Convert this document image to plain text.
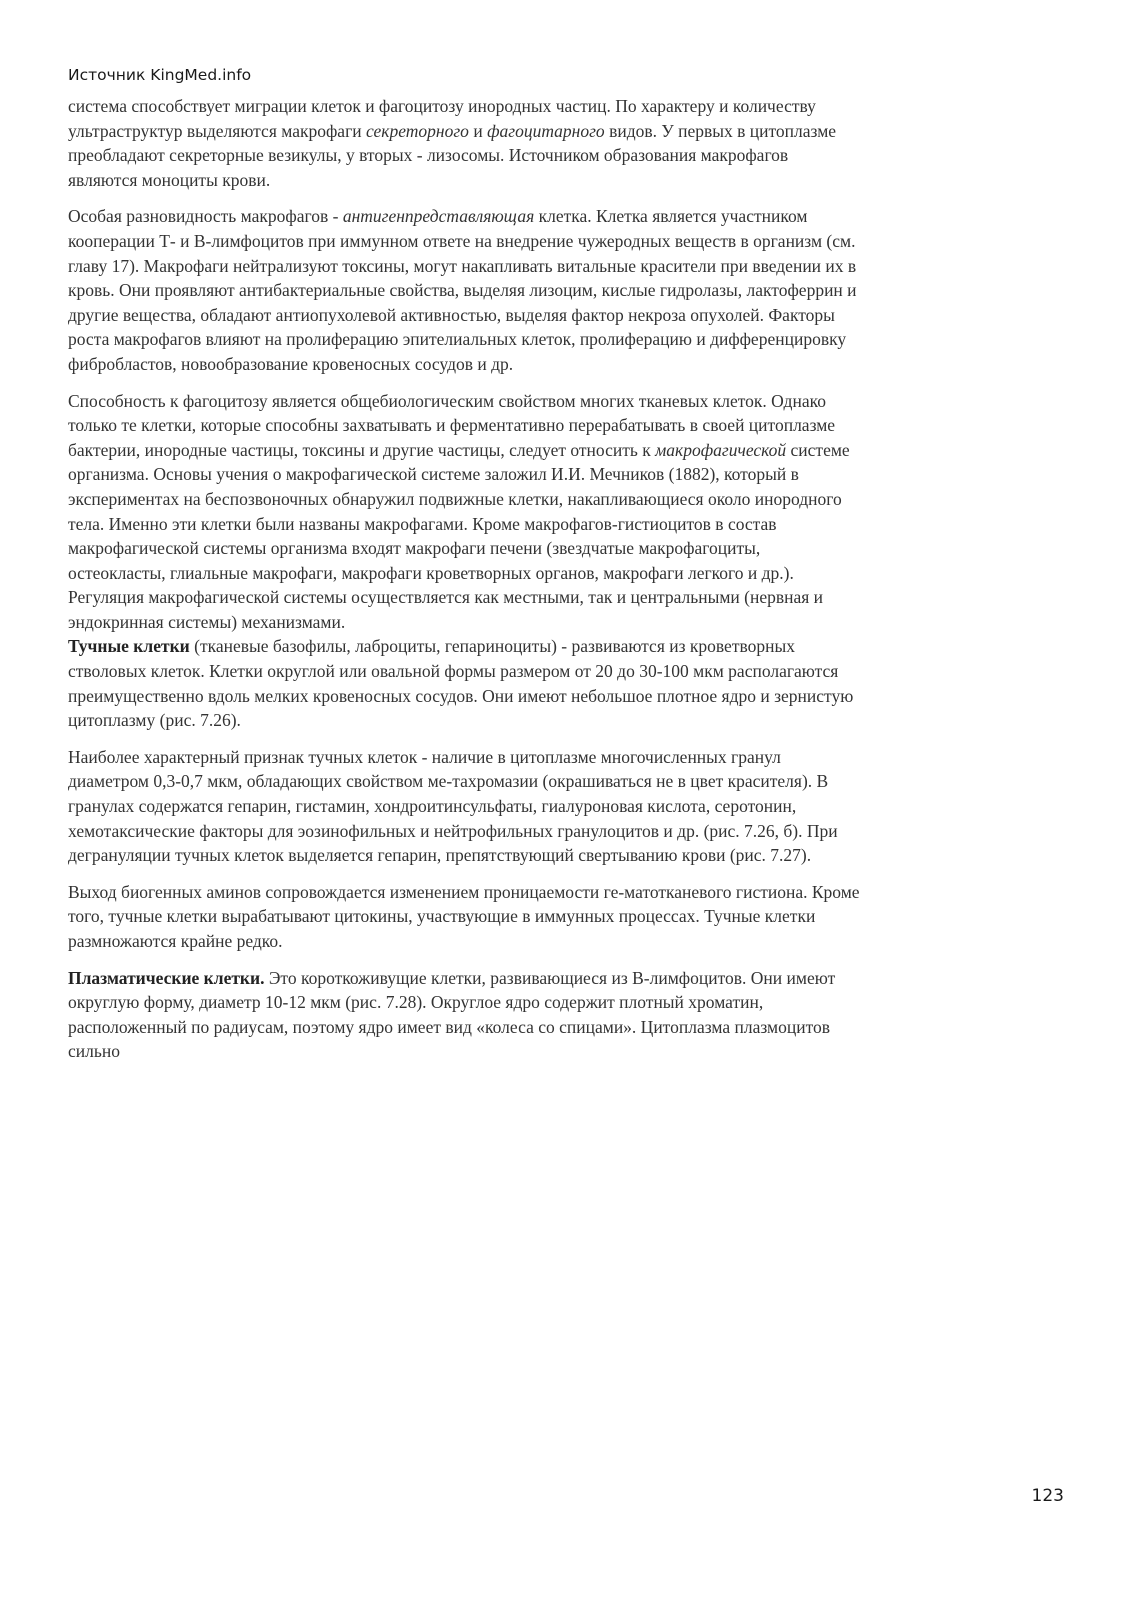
Источник KingMed.info
система способствует миграции клеток и фагоцитозу инородных частиц. По характеру и количеству
ультраструктур выделяются макрофаги секреторного и фагоцитарного видов. У первых в цитоплазме
преобладают секреторные везикулы, у вторых - лизосомы. Источником образования макрофагов
являются моноциты крови.
Особая разновидность макрофагов - антигенпредставляющая клетка. Клетка является участником
кооперации Т- и В-лимфоцитов при иммунном ответе на внедрение чужеродных веществ в организм (см.
главу 17). Макрофаги нейтрализуют токсины, могут накапливать витальные красители при введении их в
кровь. Они проявляют антибактериальные свойства, выделяя лизоцим, кислые гидролазы, лактоферрин и
другие вещества, обладают антиопухолевой активностью, выделяя фактор некроза опухолей. Факторы
роста макрофагов влияют на пролиферацию эпителиальных клеток, пролиферацию и дифференцировку
фибробластов, новообразование кровеносных сосудов и др.
Способность к фагоцитозу является общебиологическим свойством многих тканевых клеток. Однако
только те клетки, которые способны захватывать и ферментативно перерабатывать в своей цитоплазме
бактерии, инородные частицы, токсины и другие частицы, следует относить к макрофагической системе
организма. Основы учения о макрофагической системе заложил И.И. Мечников (1882), который в
экспериментах на беспозвоночных обнаружил подвижные клетки, накапливающиеся около инородного
тела. Именно эти клетки были названы макрофагами. Кроме макрофагов-гистиоцитов в состав
макрофагической системы организма входят макрофаги печени (звездчатые макрофагоциты,
остеокласты, глиальные макрофаги, макрофаги кроветворных органов, макрофаги легкого и др.).
Регуляция макрофагической системы осуществляется как местными, так и центральными (нервная и
эндокринная системы) механизмами.
Тучные клетки (тканевые базофилы, лаброциты, гепариноциты) - развиваются из кроветворных
стволовых клеток. Клетки округлой или овальной формы размером от 20 до 30-100 мкм располагаются
преимущественно вдоль мелких кровеносных сосудов. Они имеют небольшое плотное ядро и зернистую
цитоплазму (рис. 7.26).
Наиболее характерный признак тучных клеток - наличие в цитоплазме многочисленных гранул
диаметром 0,3-0,7 мкм, обладающих свойством ме-тахромазии (окрашиваться не в цвет красителя). В
гранулах содержатся гепарин, гистамин, хондроитинсульфаты, гиалуроновая кислота, серотонин,
хемотаксические факторы для эозинофильных и нейтрофильных гранулоцитов и др. (рис. 7.26, б). При
дегрануляции тучных клеток выделяется гепарин, препятствующий свертыванию крови (рис. 7.27).
Выход биогенных аминов сопровождается изменением проницаемости ге-матотканевого гистиона. Кроме
того, тучные клетки вырабатывают цитокины, участвующие в иммунных процессах. Тучные клетки
размножаются крайне редко.
Плазматические клетки. Это короткоживущие клетки, развивающиеся из В-лимфоцитов. Они имеют
округлую форму, диаметр 10-12 мкм (рис. 7.28). Округлое ядро содержит плотный хроматин,
расположенный по радиусам, поэтому ядро имеет вид «колеса со спицами». Цитоплазма плазмоцитов
сильно
123
